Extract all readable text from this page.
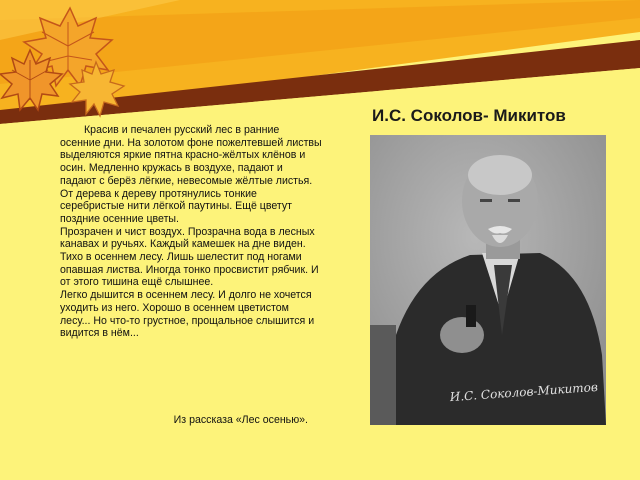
И.С. Соколов- Микитов

Красив и печален русский лес в ранние осенние дни. На золотом фоне пожелтевшей листвы выделяются яркие пятна красно-жёлтых клёнов и осин. Медленно кружась в воздухе, падают и падают с берёз лёгкие, невесомые жёлтые листья. От дерева к дереву протянулись тонкие серебристые нити лёгкой паутины. Ещё цветут поздние осенние цветы.

Прозрачен и чист воздух. Прозрачна вода в лесных канавах и ручьях. Каждый камешек на дне виден.

Тихо в осеннем лесу. Лишь шелестит под ногами опавшая листва. Иногда тонко просвистит рябчик. И от этого тишина ещё слышнее.

Легко дышится в осеннем лесу. И долго не хочется уходить из него. Хорошо в осеннем цветистом лесу... Но что-то грустное, прощальное слышится и видится в нём...

Из рассказа «Лес осенью».
И.С. Соколов-Микитов
